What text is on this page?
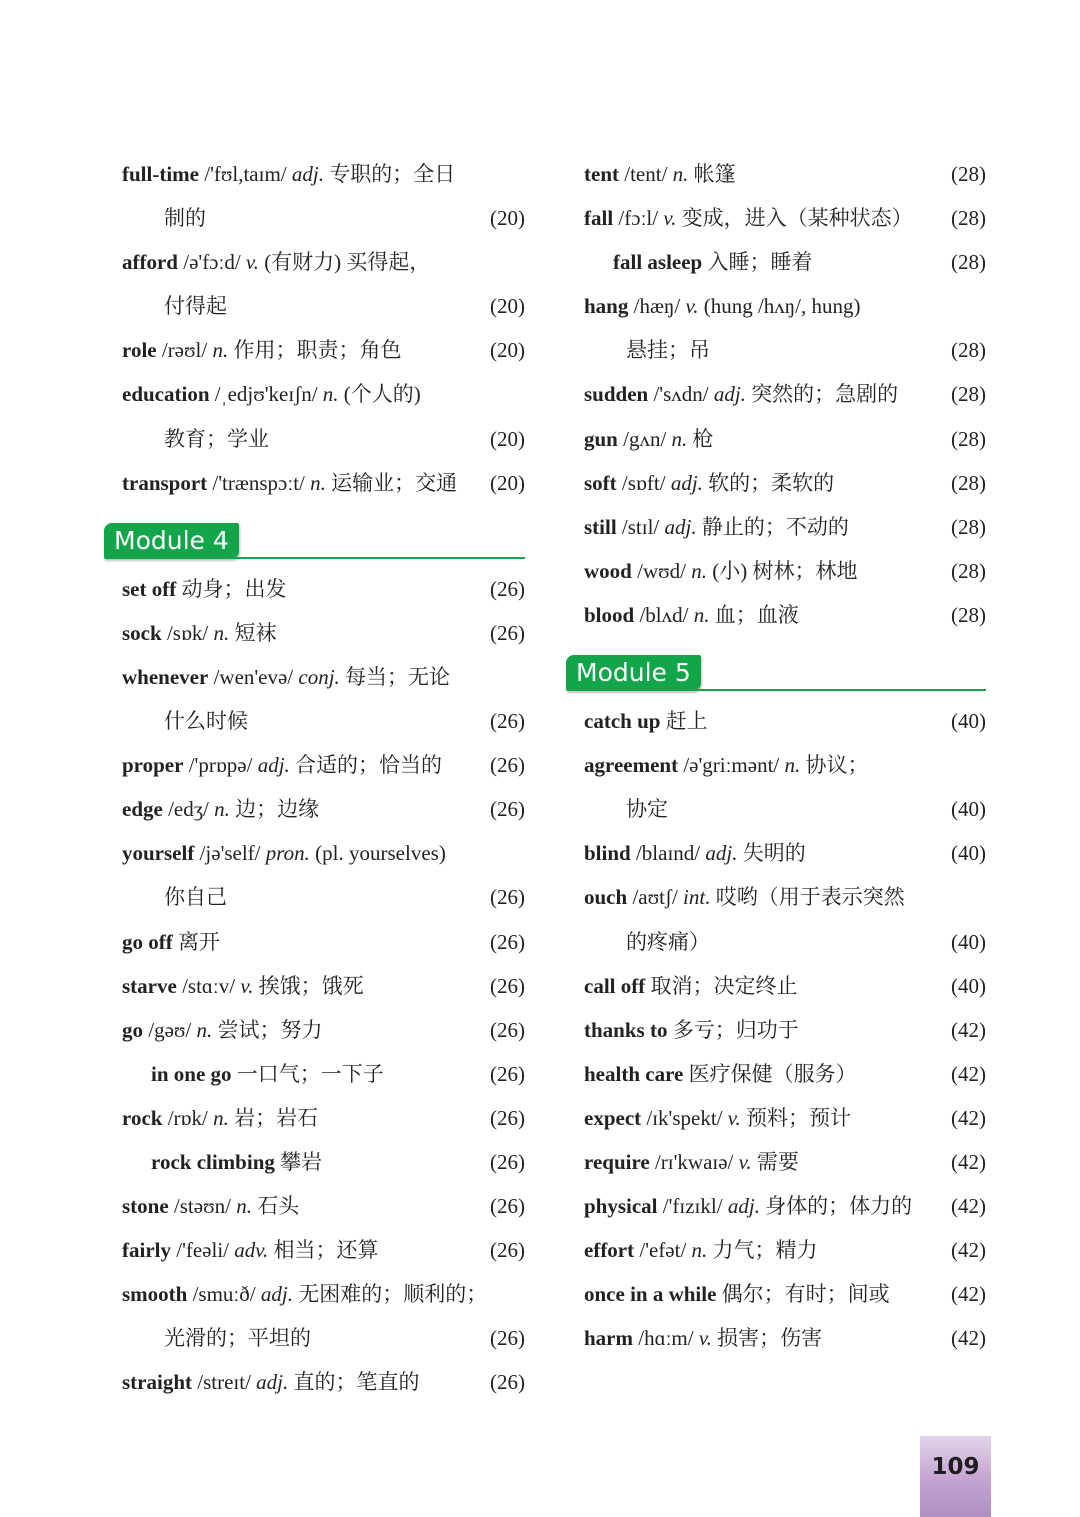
full-time /'fʊl,taɪm/ adj. 专职的；全日
制的	(20)
afford /ə'fɔːd/ v. (有财力) 买得起，
付得起	(20)
role /rəʊl/ n. 作用；职责；角色	(20)
education /ˌedjʊ'keɪʃn/ n. (个人的)
教育；学业	(20)
transport /'trænspɔːt/ n. 运输业；交通 (20)
Module 4
set off 动身；出发	(26)
sock /sɒk/ n. 短袜	(26)
whenever /wen'evə/ conj. 每当；无论
什么时候	(26)
proper /'prɒpə/ adj. 合适的；恰当的 (26)
edge /edʒ/ n. 边；边缘	(26)
yourself /jə'self/ pron. (pl. yourselves)
你自己	(26)
go off 离开	(26)
starve /stɑːv/ v. 挨饿；饿死	(26)
go /gəʊ/ n. 尝试；努力	(26)
in one go 一口气；一下子	(26)
rock /rɒk/ n. 岩；岩石	(26)
rock climbing 攀岩	(26)
stone /stəʊn/ n. 石头	(26)
fairly /'feəli/ adv. 相当；还算	(26)
smooth /smuːð/ adj. 无困难的；顺利的；
光滑的；平坦的	(26)
straight /streɪt/ adj. 直的；笔直的	(26)
tent /tent/ n. 帐篷	(28)
fall /fɔːl/ v. 变成，进入（某种状态） (28)
fall asleep 入睡；睡着	(28)
hang /hæŋ/ v. (hung /hʌŋ/, hung)
悬挂；吊	(28)
sudden /'sʌdn/ adj. 突然的；急剧的	(28)
gun /gʌn/ n. 枪	(28)
soft /sɒft/ adj. 软的；柔软的	(28)
still /stɪl/ adj. 静止的；不动的	(28)
wood /wʊd/ n. (小) 树林；林地	(28)
blood /blʌd/ n. 血；血液	(28)
Module 5
catch up 赶上	(40)
agreement /ə'griːmənt/ n. 协议；
协定	(40)
blind /blaɪnd/ adj. 失明的	(40)
ouch /aʊtʃ/ int. 哎哟（用于表示突然
的疼痛）	(40)
call off 取消；决定终止	(40)
thanks to 多亏；归功于	(42)
health care 医疗保健（服务）	(42)
expect /ɪk'spekt/ v. 预料；预计	(42)
require /rɪ'kwaɪə/ v. 需要	(42)
physical /'fɪzɪkl/ adj. 身体的；体力的 (42)
effort /'efət/ n. 力气；精力	(42)
once in a while 偶尔；有时；间或	(42)
harm /hɑːm/ v. 损害；伤害	(42)
109
